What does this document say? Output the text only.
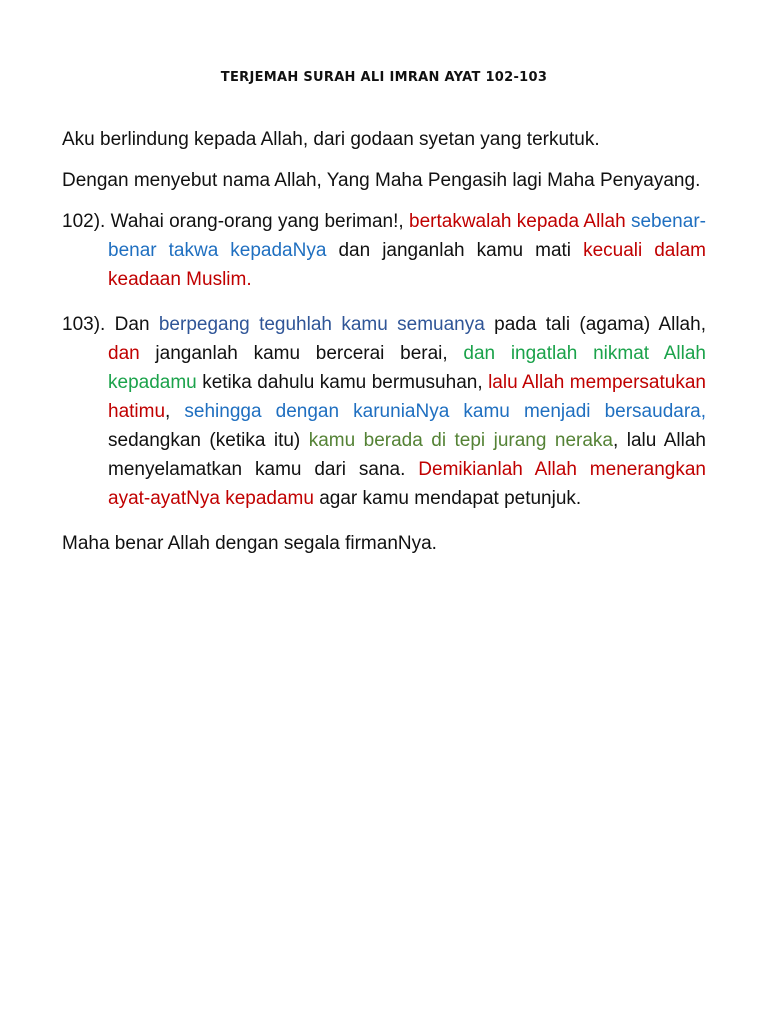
TERJEMAH SURAH ALI IMRAN AYAT 102-103

Aku berlindung kepada Allah, dari godaan syetan yang terkutuk.

Dengan menyebut nama Allah, Yang Maha Pengasih lagi Maha Penyayang.

102). Wahai orang-orang yang beriman!, bertakwalah kepada Allah sebenar-benar takwa kepadaNya dan janganlah kamu mati kecuali dalam keadaan Muslim.

103). Dan berpegang teguhlah kamu semuanya pada tali (agama) Allah, dan janganlah kamu bercerai berai, dan ingatlah nikmat Allah kepadamu ketika dahulu kamu bermusuhan, lalu Allah mempersatukan hatimu, sehingga dengan karuniaNya kamu menjadi bersaudara, sedangkan (ketika itu) kamu berada di tepi jurang neraka, lalu Allah menyelamatkan kamu dari sana. Demikianlah Allah menerangkan ayat-ayatNya kepadamu agar kamu mendapat petunjuk.

Maha benar Allah dengan segala firmanNya.
